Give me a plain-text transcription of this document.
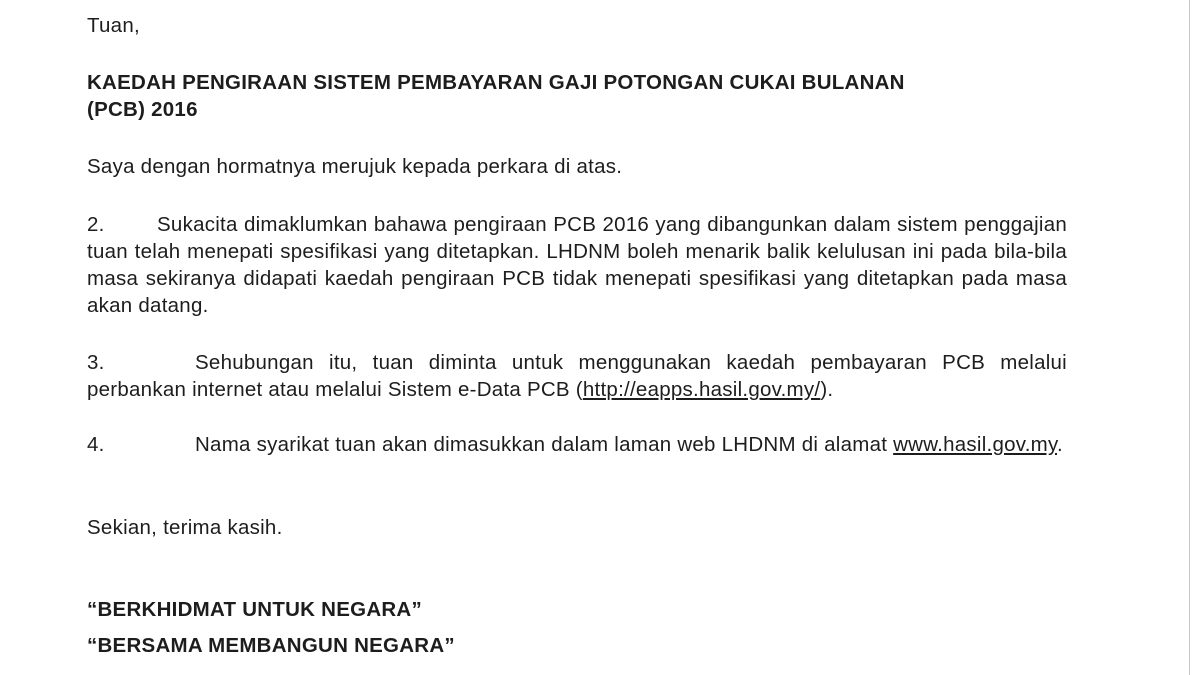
Tuan,

KAEDAH PENGIRAAN SISTEM PEMBAYARAN GAJI POTONGAN CUKAI BULANAN
(PCB) 2016

Saya dengan hormatnya merujuk kepada perkara di atas.

2.	Sukacita dimaklumkan bahawa pengiraan PCB 2016 yang dibangunkan dalam sistem penggajian tuan telah menepati spesifikasi yang ditetapkan. LHDNM boleh menarik balik kelulusan ini pada bila-bila masa sekiranya didapati kaedah pengiraan PCB tidak menepati spesifikasi yang ditetapkan pada masa akan datang.

3.	Sehubungan itu, tuan diminta untuk menggunakan kaedah pembayaran PCB melalui perbankan internet atau melalui Sistem e-Data PCB (http://eapps.hasil.gov.my/).

4.	Nama syarikat tuan akan dimasukkan dalam laman web LHDNM di alamat www.hasil.gov.my.

Sekian, terima kasih.

“BERKHIDMAT UNTUK NEGARA”

“BERSAMA MEMBANGUN NEGARA”
